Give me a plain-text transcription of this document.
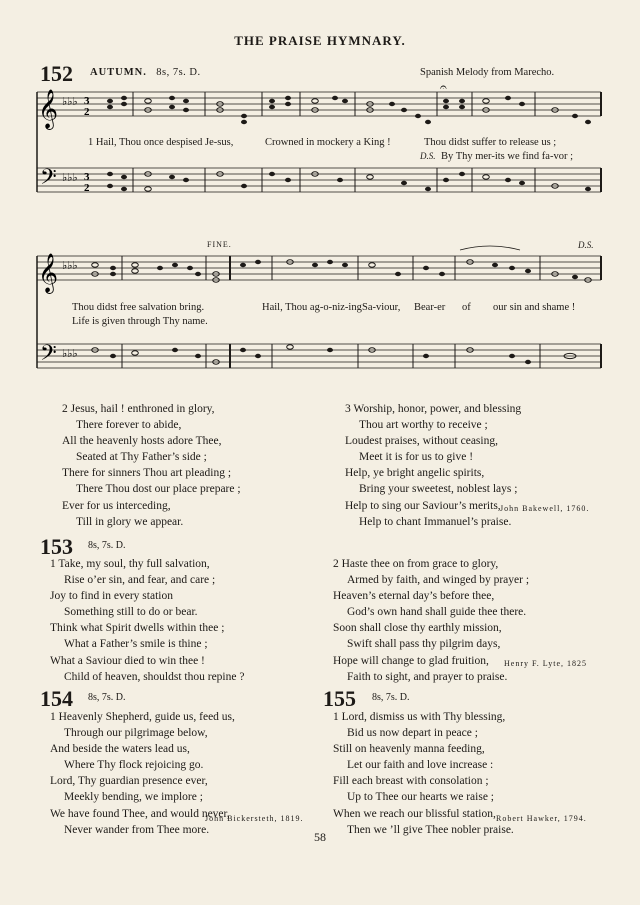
THE PRAISE HYMNARY.
152 AUTUMN. 8s, 7s. D.	Spanish Melody from Marecho.
𝄞
𝄢
♭♭♭
♭♭♭
3
2
3
2
𝄐
1 Hail, Thou once despised Je-sus,	Crowned in mockery a King !	Thou didst suffer to release us ;
D.S. By Thy mer-its we find fa-vor ;
FINE.	D.S.
𝄞
𝄢
♭♭♭
♭♭♭
Thou didst free salvation bring.	Hail, Thou ag-o-niz-ing Sa-viour, Bear-er of our sin and shame !
Life is given through Thy name.
2 Jesus, hail ! enthroned in glory,
There forever to abide,
All the heavenly hosts adore Thee,
Seated at Thy Father’s side ;
There for sinners Thou art pleading ;
There Thou dost our place prepare ;
Ever for us interceding,
Till in glory we appear.
3 Worship, honor, power, and blessing
Thou art worthy to receive ;
Loudest praises, without ceasing,
Meet it is for us to give !
Help, ye bright angelic spirits,
Bring your sweetest, noblest lays ;
Help to sing our Saviour’s merits,
Help to chant Immanuel’s praise.
John Bakewell, 1760.
153 8s, 7s. D.
1 Take, my soul, thy full salvation,
Rise o’er sin, and fear, and care ;
Joy to find in every station
Something still to do or bear.
Think what Spirit dwells within thee ;
What a Father’s smile is thine ;
What a Saviour died to win thee !
Child of heaven, shouldst thou repine ?
2 Haste thee on from grace to glory,
Armed by faith, and winged by prayer ;
Heaven’s eternal day’s before thee,
God’s own hand shall guide thee there.
Soon shall close thy earthly mission,
Swift shall pass thy pilgrim days,
Hope will change to glad fruition,
Faith to sight, and prayer to praise.
Henry F. Lyte, 1825
154 8s, 7s. D.
1 Heavenly Shepherd, guide us, feed us,
Through our pilgrimage below,
And beside the waters lead us,
Where Thy flock rejoicing go.
Lord, Thy guardian presence ever,
Meekly bending, we implore ;
We have found Thee, and would never,
Never wander from Thee more.
John Bickersteth, 1819.
155 8s, 7s. D.
1 Lord, dismiss us with Thy blessing,
Bid us now depart in peace ;
Still on heavenly manna feeding,
Let our faith and love increase :
Fill each breast with consolation ;
Up to Thee our hearts we raise ;
When we reach our blissful station,
Then we ’ll give Thee nobler praise.
Robert Hawker, 1794.
58
